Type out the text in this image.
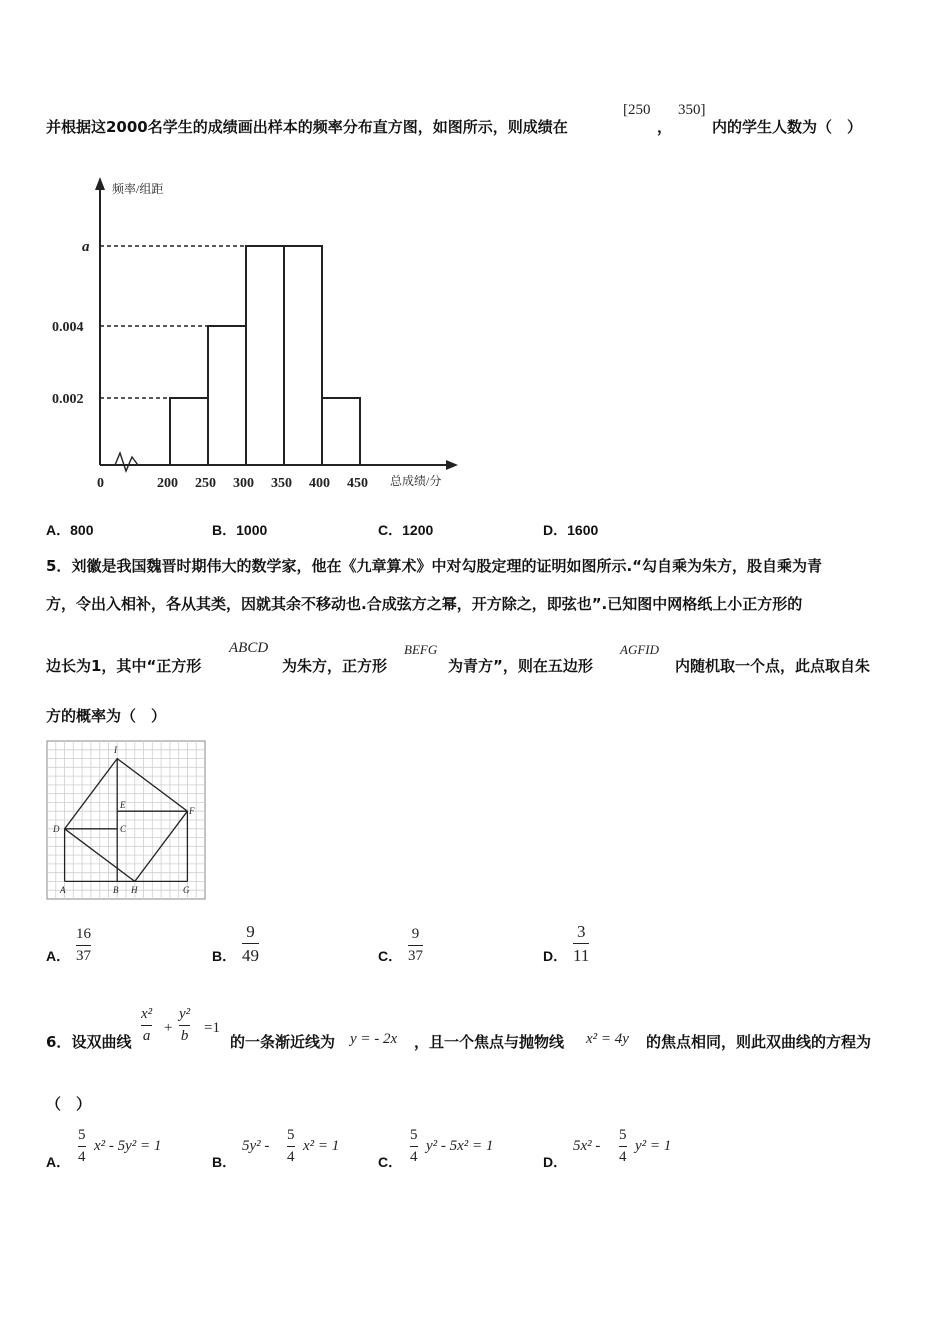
并根据这2000名学生的成绩画出样本的频率分布直方图，如图所示，则成绩在
[250
，
350]
内的学生人数为（　）
频率/组距
总成绩/分
0.002
0.004
a
0	200 250 300 350 400 450
A．800	B．1000	C．1200	D．1600
5．刘徽是我国魏晋时期伟大的数学家，他在《九章算术》中对勾股定理的证明如图所示.“勾自乘为朱方，股自乘为青
方，令出入相补，各从其类，因就其余不移动也.合成弦方之幂，开方除之，即弦也”.已知图中网格纸上小正方形的
边长为1，其中“正方形
ABCD
为朱方，正方形
BEFG
为青方”，则在五边形
AGFID
内随机取一个点，此点取自朱
方的概率为（　）
I
E
F
D	C
A	B H	G
A．
16
37	B．
9
49	C．
9
37	D．
3
11
6．设双曲线
x²
a +
y²
b =1
的一条渐近线为 y = - 2x ，且一个焦点与抛物线 x² = 4y 的焦点相同，则此双曲线的方程为
（　）
A．
5
4
x² - 5y² = 1
B．
5y² -
5
4
x² = 1
C．
5
4
y² - 5x² = 1
D．
5x² -
5
4
y² = 1
